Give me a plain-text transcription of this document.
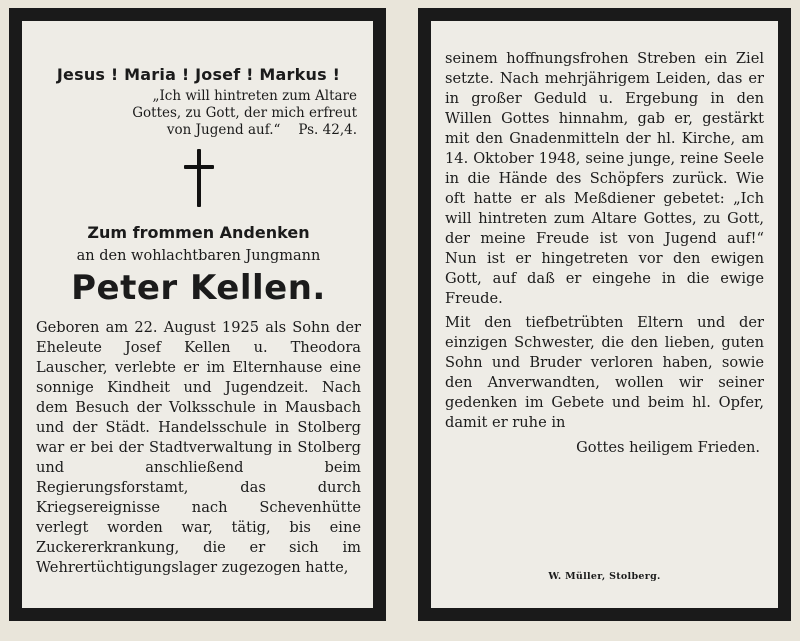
Jesus ! Maria ! Josef ! Markus !
„Ich will hintreten zum Altare
Gottes, zu Gott, der mich erfreut
von Jugend auf.“ Ps. 42,4.
Zum frommen Andenken
an den wohlachtbaren Jungmann
Peter Kellen.

Geboren am 22. August 1925 als Sohn der Eheleute Josef Kellen u. Theodora Lauscher, verlebte er im Elternhause eine sonnige Kindheit und Jugendzeit. Nach dem Besuch der Volksschule in Mausbach und der Städt. Handelsschule in Stolberg war er bei der Stadtverwaltung in Stolberg und anschließend beim Regierungsforstamt, das durch Kriegsereignisse nach Schevenhütte verlegt worden war, tätig, bis eine Zuckererkrankung, die er sich im Wehrertüchtigungslager zugezogen hatte,

seinem hoffnungsfrohen Streben ein Ziel setzte. Nach mehrjährigem Leiden, das er in großer Geduld u. Ergebung in den Willen Gottes hinnahm, gab er, gestärkt mit den Gnadenmitteln der hl. Kirche, am 14. Oktober 1948, seine junge, reine Seele in die Hände des Schöpfers zurück. Wie oft hatte er als Meßdiener gebetet: „Ich will hintreten zum Altare Gottes, zu Gott, der meine Freude ist von Jugend auf!“ Nun ist er hingetreten vor den ewigen Gott, auf daß er eingehe in die ewige Freude.

Mit den tiefbetrübten Eltern und der einzigen Schwester, die den lieben, guten Sohn und Bruder verloren haben, sowie den Anverwandten, wollen wir seiner gedenken im Gebete und beim hl. Opfer, damit er ruhe in

Gottes heiligem Frieden.
W. Müller, Stolberg.
